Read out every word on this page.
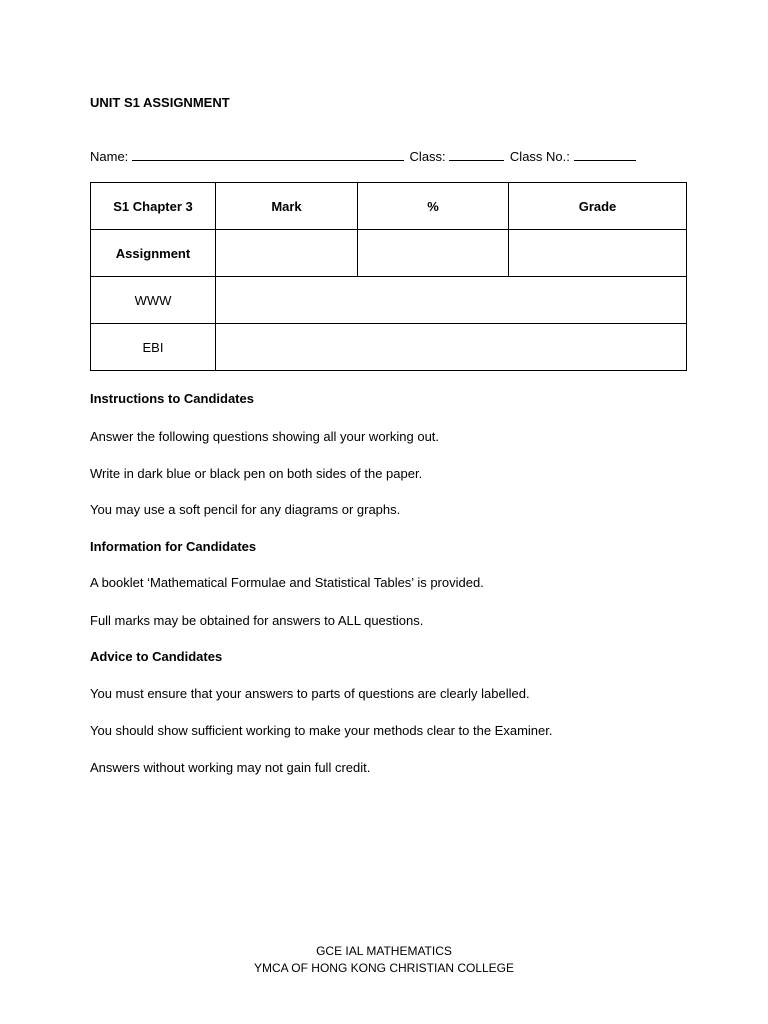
UNIT S1 ASSIGNMENT
Name:	Class:	Class No.:
S1 Chapter 3	Mark	%	Grade
Assignment			
WWW			
EBI			
Instructions to Candidates
Answer the following questions showing all your working out.
Write in dark blue or black pen on both sides of the paper.
You may use a soft pencil for any diagrams or graphs.
Information for Candidates
A booklet ‘Mathematical Formulae and Statistical Tables’ is provided.
Full marks may be obtained for answers to ALL questions.
Advice to Candidates
You must ensure that your answers to parts of questions are clearly labelled.
You should show sufficient working to make your methods clear to the Examiner.
Answers without working may not gain full credit.
GCE IAL MATHEMATICS
YMCA OF HONG KONG CHRISTIAN COLLEGE
